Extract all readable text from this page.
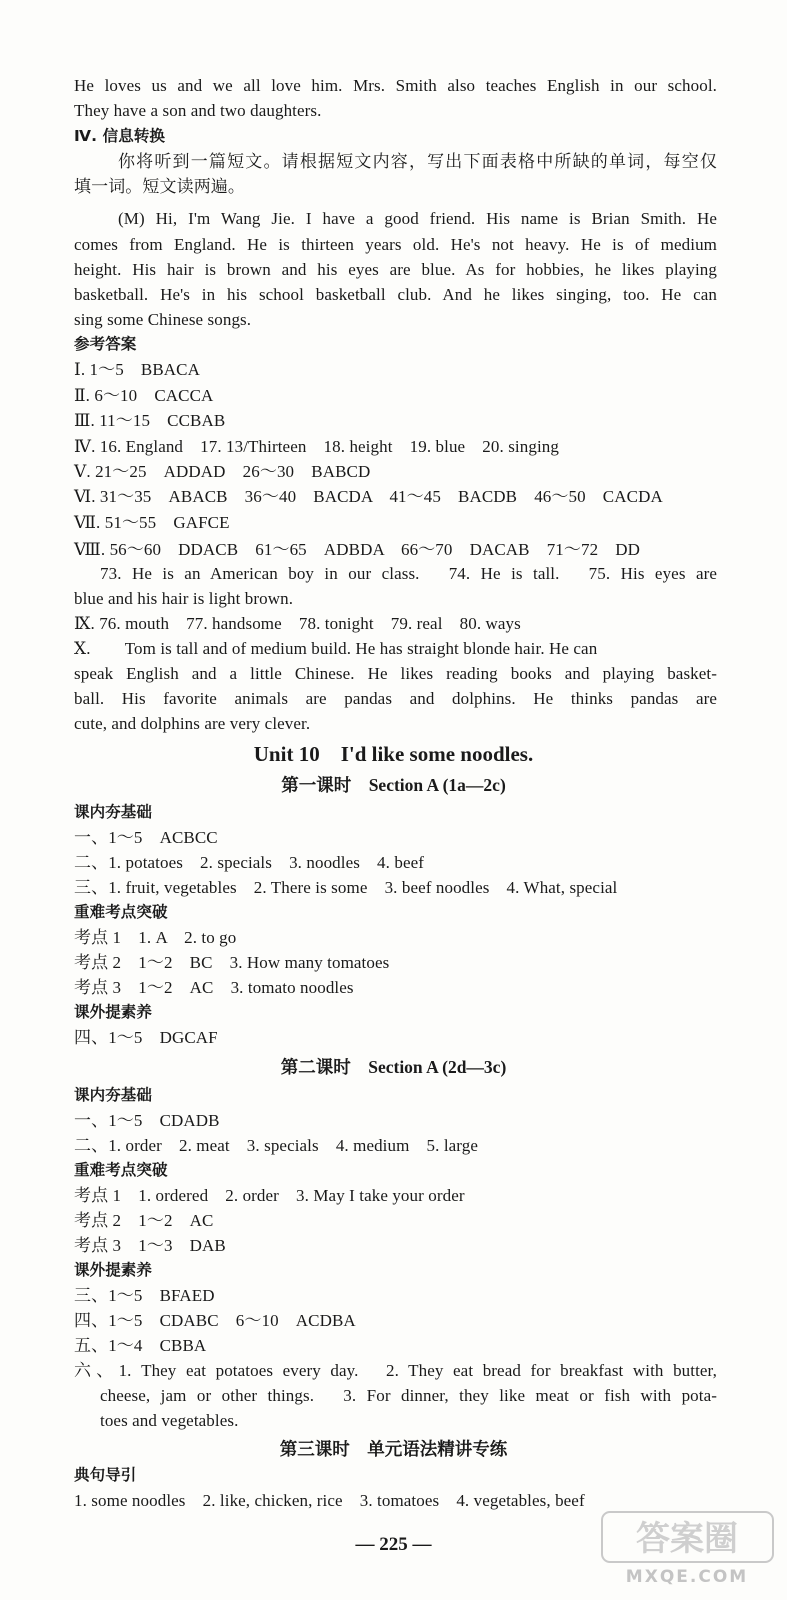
He loves us and we all love him. Mrs. Smith also teaches English in our school.
They have a son and two daughters.
Ⅳ. 信息转换
你将听到一篇短文。请根据短文内容，写出下面表格中所缺的单词，每空仅
填一词。短文读两遍。
(M) Hi, I'm Wang Jie. I have a good friend. His name is Brian Smith. He
comes from England. He is thirteen years old. He's not heavy. He is of medium
height. His hair is brown and his eyes are blue. As for hobbies, he likes playing
basketball. He's in his school basketball club. And he likes singing, too. He can
sing some Chinese songs.
参考答案
Ⅰ. 1～5　BBACA
Ⅱ. 6～10　CACCA
Ⅲ. 11～15　CCBAB
Ⅳ. 16. England　17. 13/Thirteen　18. height　19. blue　20. singing
Ⅴ. 21～25　ADDAD　26～30　BABCD
Ⅵ. 31～35　ABACB　36～40　BACDA　41～45　BACDB　46～50　CACDA
Ⅶ. 51～55　GAFCE
Ⅷ. 56～60　DDACB　61～65　ADBDA　66～70　DACAB　71～72　DD
73. He is an American boy in our class.　74. He is tall.　75. His eyes are
blue and his hair is light brown.
Ⅸ. 76. mouth　77. handsome　78. tonight　79. real　80. ways
Ⅹ.　　Tom is tall and of medium build. He has straight blonde hair. He can
speak English and a little Chinese. He likes reading books and playing basket-
ball. His favorite animals are pandas and dolphins. He thinks pandas are
cute, and dolphins are very clever.
Unit 10　I'd like some noodles.
第一课时　Section A (1a—2c)
课内夯基础
一、1～5　ACBCC
二、1. potatoes　2. specials　3. noodles　4. beef
三、1. fruit, vegetables　2. There is some　3. beef noodles　4. What, special
重难考点突破
考点 1　1. A　2. to go
考点 2　1～2　BC　3. How many tomatoes
考点 3　1～2　AC　3. tomato noodles
课外提素养
四、1～5　DGCAF
第二课时　Section A (2d—3c)
课内夯基础
一、1～5　CDADB
二、1. order　2. meat　3. specials　4. medium　5. large
重难考点突破
考点 1　1. ordered　2. order　3. May I take your order
考点 2　1～2　AC
考点 3　1～3　DAB
课外提素养
三、1～5　BFAED
四、1～5　CDABC　6～10　ACDBA
五、1～4　CBBA
六、1. They eat potatoes every day.　2. They eat bread for breakfast with butter,
cheese, jam or other things.　3. For dinner, they like meat or fish with pota-
toes and vegetables.
第三课时　单元语法精讲专练
典句导引
1. some noodles　2. like, chicken, rice　3. tomatoes　4. vegetables, beef
— 225 —	答案圈
MXQE.COM
